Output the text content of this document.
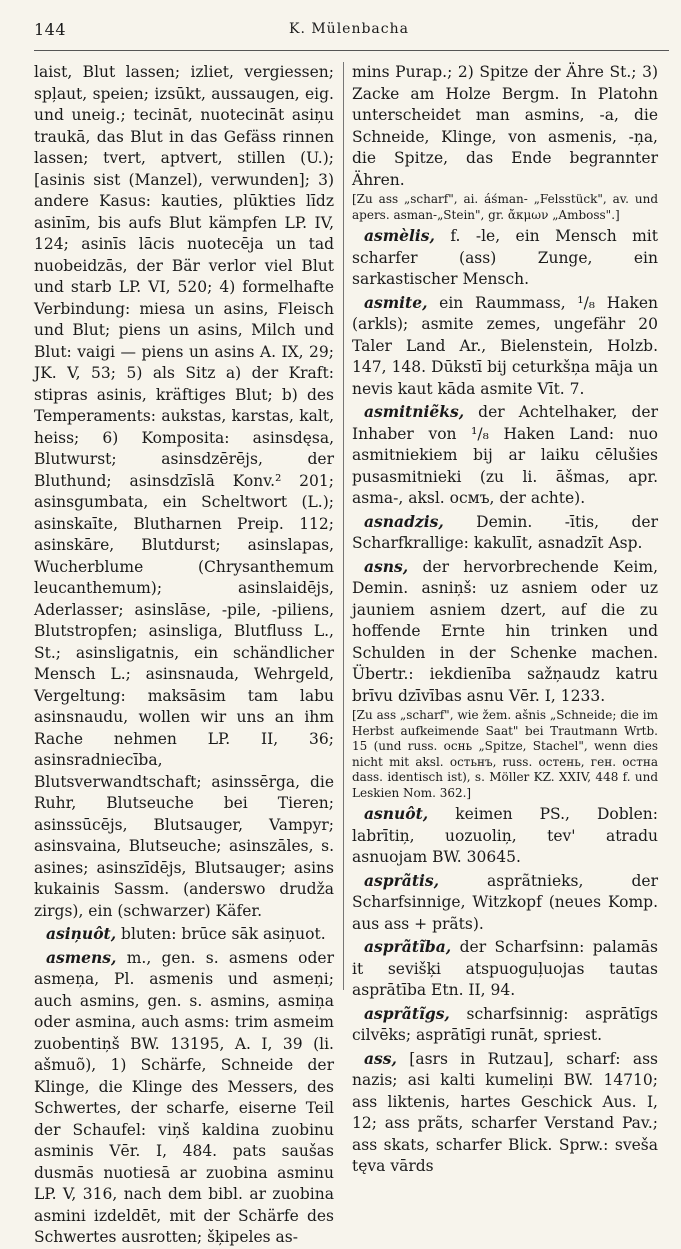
144	K. Mülenbacha

laist, Blut lassen; izliet, vergiessen; spļaut, speien; izsūkt, aussaugen, eig. und uneig.; tecināt, nuotecināt asiņu traukā, das Blut in das Gefäss rinnen lassen; tvert, aptvert, stillen (U.); [asinis sist (Manzel), verwunden]; 3) andere Kasus: kauties, plūkties līdz asinīm, bis aufs Blut kämpfen LP. IV, 124; asinīs lācis nuotecēja un tad nuobeidzās, der Bär verlor viel Blut und starb LP. VI, 520; 4) formelhafte Verbindung: miesa un asins, Fleisch und Blut; piens un asins, Milch und Blut: vaigi — piens un asins A. IX, 29; JK. V, 53; 5) als Sitz a) der Kraft: stipras asinis, kräftiges Blut; b) des Temperaments: aukstas, karstas, kalt, heiss; 6) Komposita: asinsdęsa, Blutwurst; asinsdzērējs, der Bluthund; asinsdzīslā Konv.² 201; asinsgumbata, ein Scheltwort (L.); asinskaīte, Blutharnen Preip. 112; asinskāre, Blutdurst; asinslapas, Wucherblume (Chrysanthemum leucanthemum); asinslaidējs, Aderlasser; asinslāse, -pile, -piliens, Blutstropfen; asinsliga, Blutfluss L., St.; asinsligatnis, ein schändlicher Mensch L.; asinsnauda, Wehrgeld, Vergeltung: maksāsim tam labu asinsnaudu, wollen wir uns an ihm Rache nehmen LP. II, 36; asinsradniecība, Blutsverwandtschaft; asinssērga, die Ruhr, Blutseuche bei Tieren; asinssūcējs, Blutsauger, Vampyr; asinsvaina, Blutseuche; asinszāles, s. asines; asinszīdējs, Blutsauger; asins kukainis Sassm. (anderswo drudža zirgs), ein (schwarzer) Käfer.

asiņuôt, bluten: brūce sāk asiņuot.

asmens, m., gen. s. asmens oder asmeņa, Pl. asmenis und asmeņi; auch asmins, gen. s. asmins, asmiņa oder asmina, auch asms: trim asmeim zuobentiņš BW. 13195, A. I, 39 (li. ašmuõ), 1) Schärfe, Schneide der Klinge, die Klinge des Messers, des Schwertes, der scharfe, eiserne Teil der Schaufel: viņš kaldina zuobinu asminis Vēr. I, 484. pats saušas dusmās nuotiesā ar zuobina asminu LP. V, 316, nach dem bibl. ar zuobina asmini izdeldēt, mit der Schärfe des Schwertes ausrotten; šķipeles as-

mins Purap.; 2) Spitze der Ähre St.; 3) Zacke am Holze Bergm. In Platohn unterscheidet man asmins, -a, die Schneide, Klinge, von asmenis, -ņa, die Spitze, das Ende begrannter Ähren.

[Zu ass „scharf", ai. áśman- „Felsstück", av. und apers. asman-„Stein", gr. ἄκμων „Amboss".]

asmèlis, f. -le, ein Mensch mit scharfer (ass) Zunge, ein sarkastischer Mensch.

asmite, ein Raummass, ¹/₈ Haken (arkls); asmite zemes, ungefähr 20 Taler Land Ar., Bielenstein, Holzb. 147, 148. Dūkstī bij ceturkšņa māja un nevis kaut kāda asmite Vīt. 7.

asmitniẽks, der Achtelhaker, der Inhaber von ¹/₈ Haken Land: nuo asmitniekiem bij ar laiku cēlušies pusasmitnieki (zu li. āšmas, apr. asma-, aksl. осмъ, der achte).

asnadzis, Demin. -ītis, der Scharfkrallige: kakulīt, asnadzīt Asp.

asns, der hervorbrechende Keim, Demin. asniņš: uz asniem oder uz jauniem asniem dzert, auf die zu hoffende Ernte hin trinken und Schulden in der Schenke machen. Übertr.: iekdienība sažņaudz katru brīvu dzīvības asnu Vēr. I, 1233.

[Zu ass „scharf", wie žem. ašnis „Schneide; die im Herbst aufkeimende Saat" bei Trautmann Wrtb. 15 (und russ. оснь „Spitze, Stachel", wenn dies nicht mit aksl. остьнъ, russ. остень, ген. остна dass. identisch ist), s. Möller KZ. XXIV, 448 f. und Leskien Nom. 362.]

asnuôt, keimen PS., Doblen: labrītiņ, uozuoliņ, tev' atradu asnuojam BW. 30645.

asprãtis, asprãtnieks, der Scharfsinnige, Witzkopf (neues Komp. aus ass + prãts).

asprãtĩba, der Scharfsinn: palamās it sevišķi atspuoguļuojas tautas asprātība Etn. II, 94.

asprãtĩgs, scharfsinnig: asprātīgs cilvēks; asprātīgi runāt, spriest.

ass, [asrs in Rutzau], scharf: ass nazis; asi kalti kumeliņi BW. 14710; ass liktenis, hartes Geschick Aus. I, 12; ass prãts, scharfer Verstand Pav.; ass skats, scharfer Blick. Sprw.: svešа tęva vārds
